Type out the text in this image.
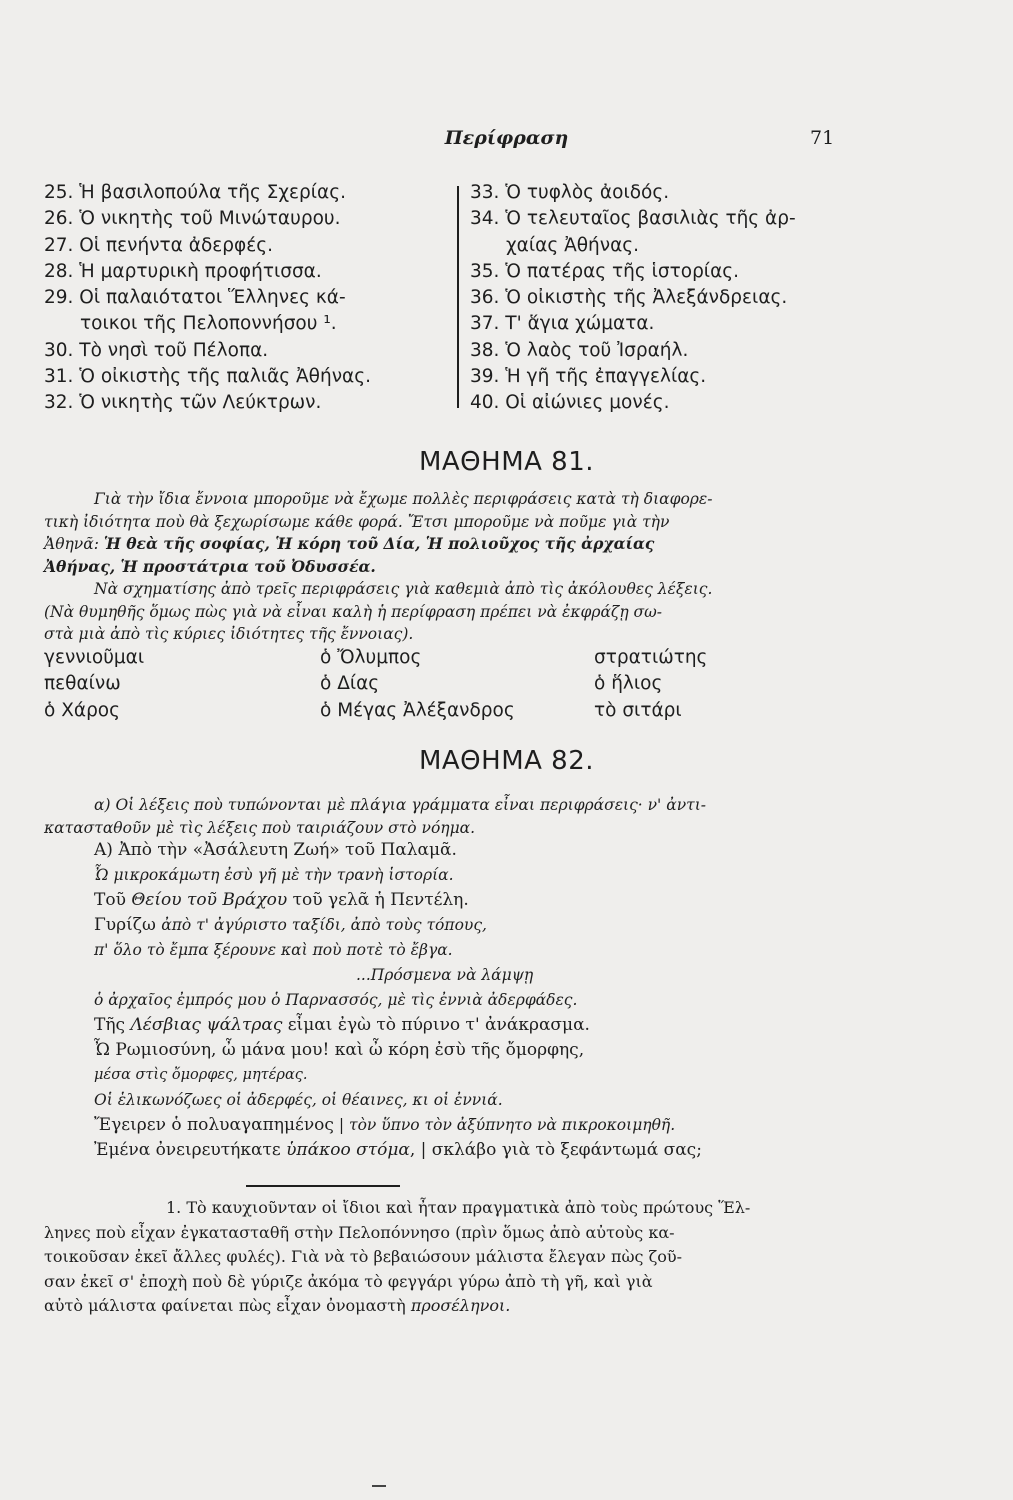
Περίφραση	71
25. Ἡ βασιλοπούλα τῆς Σχερίας.
26. Ὁ νικητὴς τοῦ Μινώταυρου.
27. Οἱ πενήντα ἀδερφές.
28. Ἡ μαρτυρικὴ προφήτισσα.
29. Οἱ παλαιότατοι Ἕλληνες κά-
τοικοι τῆς Πελοποννήσου ¹.
30. Τὸ νησὶ τοῦ Πέλοπα.
31. Ὁ οἰκιστὴς τῆς παλιᾶς Ἀθήνας.
32. Ὁ νικητὴς τῶν Λεύκτρων.
33. Ὁ τυφλὸς ἀοιδός.
34. Ὁ τελευταῖος βασιλιὰς τῆς ἀρ-
χαίας Ἀθήνας.
35. Ὁ πατέρας τῆς ἱστορίας.
36. Ὁ οἰκιστὴς τῆς Ἀλεξάνδρειας.
37. Τ' ἅγια χώματα.
38. Ὁ λαὸς τοῦ Ἰσραήλ.
39. Ἡ γῆ τῆς ἐπαγγελίας.
40. Οἱ αἰώνιες μονές.
ΜΑΘΗΜΑ 81.
Γιὰ τὴν ἴδια ἔννοια μποροῦμε νὰ ἔχωμε πολλὲς περιφράσεις κατὰ τὴ διαφορε-
τικὴ ἰδιότητα ποὺ θὰ ξεχωρίσωμε κάθε φορά. Ἔτσι μποροῦμε νὰ ποῦμε γιὰ τὴν
Ἀθηνᾶ: Ἡ θεὰ τῆς σοφίας, Ἡ κόρη τοῦ Δία, Ἡ πολιοῦχος τῆς ἀρχαίας
Ἀθήνας, Ἡ προστάτρια τοῦ Ὀδυσσέα.
Νὰ σχηματίσης ἀπὸ τρεῖς περιφράσεις γιὰ καθεμιὰ ἀπὸ τὶς ἀκόλουθες λέξεις.
(Νὰ θυμηθῆς ὅμως πὼς γιὰ νὰ εἶναι καλὴ ἡ περίφραση πρέπει νὰ ἐκφράζῃ σω-
στὰ μιὰ ἀπὸ τὶς κύριες ἰδιότητες τῆς ἔννοιας).
γεννιοῦμαι
πεθαίνω
ὁ Χάρος
ὁ Ὄλυμπος
ὁ Δίας
ὁ Μέγας Ἀλέξανδρος
στρατιώτης
ὁ ἥλιος
τὸ σιτάρι
ΜΑΘΗΜΑ 82.
α) Οἱ λέξεις ποὺ τυπώνονται μὲ πλάγια γράμματα εἶναι περιφράσεις· ν' ἀντι-
κατασταθοῦν μὲ τὶς λέξεις ποὺ ταιριάζουν στὸ νόημα.
Α) Ἀπὸ τὴν «Ἀσάλευτη Ζωή» τοῦ Παλαμᾶ.
Ὦ μικροκάμωτη ἐσὺ γῆ μὲ τὴν τρανὴ ἱστορία.
Τοῦ Θείου τοῦ Βράχου τοῦ γελᾶ ἡ Πεντέλη.
Γυρίζω ἀπὸ τ' ἀγύριστο ταξίδι, ἀπὸ τοὺς τόπους,
π' ὅλο τὸ ἔμπα ξέρουνε καὶ ποὺ ποτὲ τὸ ἔβγα.
...Πρόσμενα νὰ λάμψῃ
ὁ ἀρχαῖος ἐμπρός μου ὁ Παρνασσός, μὲ τὶς ἐννιὰ ἀδερφάδες.
Τῆς Λέσβιας ψάλτρας εἶμαι ἐγὼ τὸ πύρινο τ' ἀνάκρασμα.
Ὦ Ρωμιοσύνη, ὦ μάνα μου! καὶ ὦ κόρη ἐσὺ τῆς ὄμορφης,
μέσα στὶς ὄμορφες, μητέρας.
Οἱ ἑλικωνόζωες οἱ ἀδερφές, οἱ θέαινες, κι οἱ ἐννιά.
Ἔγειρεν ὁ πολυαγαπημένος | τὸν ὕπνο τὸν ἀξύπνητο νὰ πικροκοιμηθῆ.
Ἐμένα ὀνειρευτήκατε ὑπάκοο στόμα, | σκλάβο γιὰ τὸ ξεφάντωμά σας;
1. Τὸ καυχιοῦνταν οἱ ἴδιοι καὶ ἦταν πραγματικὰ ἀπὸ τοὺς πρώτους Ἕλ-
ληνες ποὺ εἶχαν ἐγκατασταθῆ στὴν Πελοπόννησο (πρὶν ὅμως ἀπὸ αὐτοὺς κα-
τοικοῦσαν ἐκεῖ ἄλλες φυλές). Γιὰ νὰ τὸ βεβαιώσουν μάλιστα ἔλεγαν πὼς ζοῦ-
σαν ἐκεῖ σ' ἐποχὴ ποὺ δὲ γύριζε ἀκόμα τὸ φεγγάρι γύρω ἀπὸ τὴ γῆ, καὶ γιὰ
αὐτὸ μάλιστα φαίνεται πὼς εἶχαν ὀνομαστὴ προσέληνοι.
